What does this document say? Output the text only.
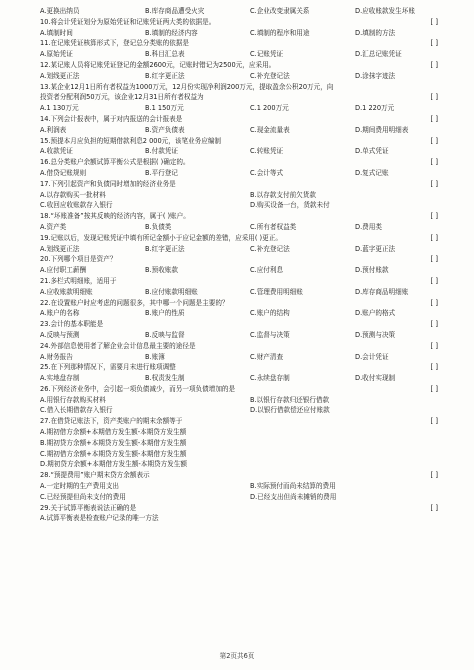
A.更换出纳员	B.库存商品遭受火灾	C.企业改变隶属关系	D.应收账款发生坏账
10.将会计凭证划分为原始凭证和记账凭证两大类的依据是。	[ ]
A.填制时间	B.填制的经济内容	C.填制的程序和用途	D.填制的方法
11.在记账凭证核算形式下，登记总分类账的依据是	[ ]
A.原始凭证	B.科目汇总表	C.记账凭证	D.汇总记账凭证
12.某记账人员将记账凭证登记的金额2600元，记账时错记为2500元，应采用。	[ ]
A.划线更正法	B.红字更正法	C.补充登记法	D.涂抹字迹法
13.某企业12月1日所有者权益为1000万元，12月份实现净利润200万元，提取盈余公积20万元，向
投资者分配利润50万元，该企业12月31日所有者权益为	[ ]
A.1 130万元	B.1 150万元	C.1 200万元	D.1 220万元
14.下列会计报表中，属于对内报送的会计报表是	[ ]
A.利润表	B.资产负债表	C.现金流量表	D.期间费用明细表
15.预提本月应负担的短期借款利息2 000元，该笔业务应编制	[ ]
A.收款凭证	B.付款凭证	C.转账凭证	D.单式凭证
16.总分类账户余额试算平衡公式是根据( )确定的。	[ ]
A.借贷记账规则	B.平行登记	C.会计等式	D.复式记账
17.下列引起资产和负债同时增加的经济业务是	[ ]
A.以存款购买一批材料	B.以存款支付前欠货款
C.收回应收账款存入银行	D.购买设备一台，货款未付
18.“坏账准备”按其反映的经济内容，属于( )账户。	[ ]
A.资产类	B.负债类	C.所有者权益类	D.费用类
19.记账以后，发现记账凭证中填有所记金额小于应记金额的差错，应采用( )更正。	[ ]
A.划线更正法	B.红字更正法	C.补充登记法	D.蓝字更正法
20.下列哪个项目是资产？	[ ]
A.应付职工薪酬	B.预收账款	C.应付利息	D.预付账款
21.多栏式明细账，适用于	[ ]
A.应收账款明细账	B.应付账款明细账	C.管理费用明细账	D.库存商品明细账
22.在设置账户时应考虑的问题很多，其中哪一个问题是主要的？	[ ]
A.账户的名称	B.账户的性质	C.账户的结构	D.账户的格式
23.会计的基本职能是	[ ]
A.反映与预测	B.反映与监督	C.监督与决策	D.预测与决策
24.外部信息使用者了解企业会计信息最主要的途径是	[ ]
A.财务报告	B.账簿	C.财产清查	D.会计凭证
25.在下列那种情况下，需要月末进行账项调整	[ ]
A.实地盘存制	B.权责发生制	C.永续盘存制	D.收付实现制
26.下列经济业务中，会引起一项负债减少，而另一项负债增加的是	[ ]
A.用银行存款购买材料	B.以银行存款归还银行借款
C.借入长期借款存入银行	D.以银行借款偿还应付账款
27.在借贷记账法下，资产类账户的期末余额等于	[ ]
A.期初借方余额+本期借方发生额-本期贷方发生额
B.期初贷方余额+本期贷方发生额-本期借方发生额
C.期初借方余额+本期贷方发生额-本期借方发生额
D.期初贷方余额+本期借方发生额-本期贷方发生额
28.“预提费用”账户期末贷方余额表示	[ ]
A.一定时期的生产费用支出	B.实际预付而尚未结算的费用
C.已经预提但尚未支付的费用	D.已经支出但尚未摊销的费用
29.关于试算平衡表说法正确的是	[ ]
A.试算平衡表是检查账户记录的唯一方法
第2页共6页
